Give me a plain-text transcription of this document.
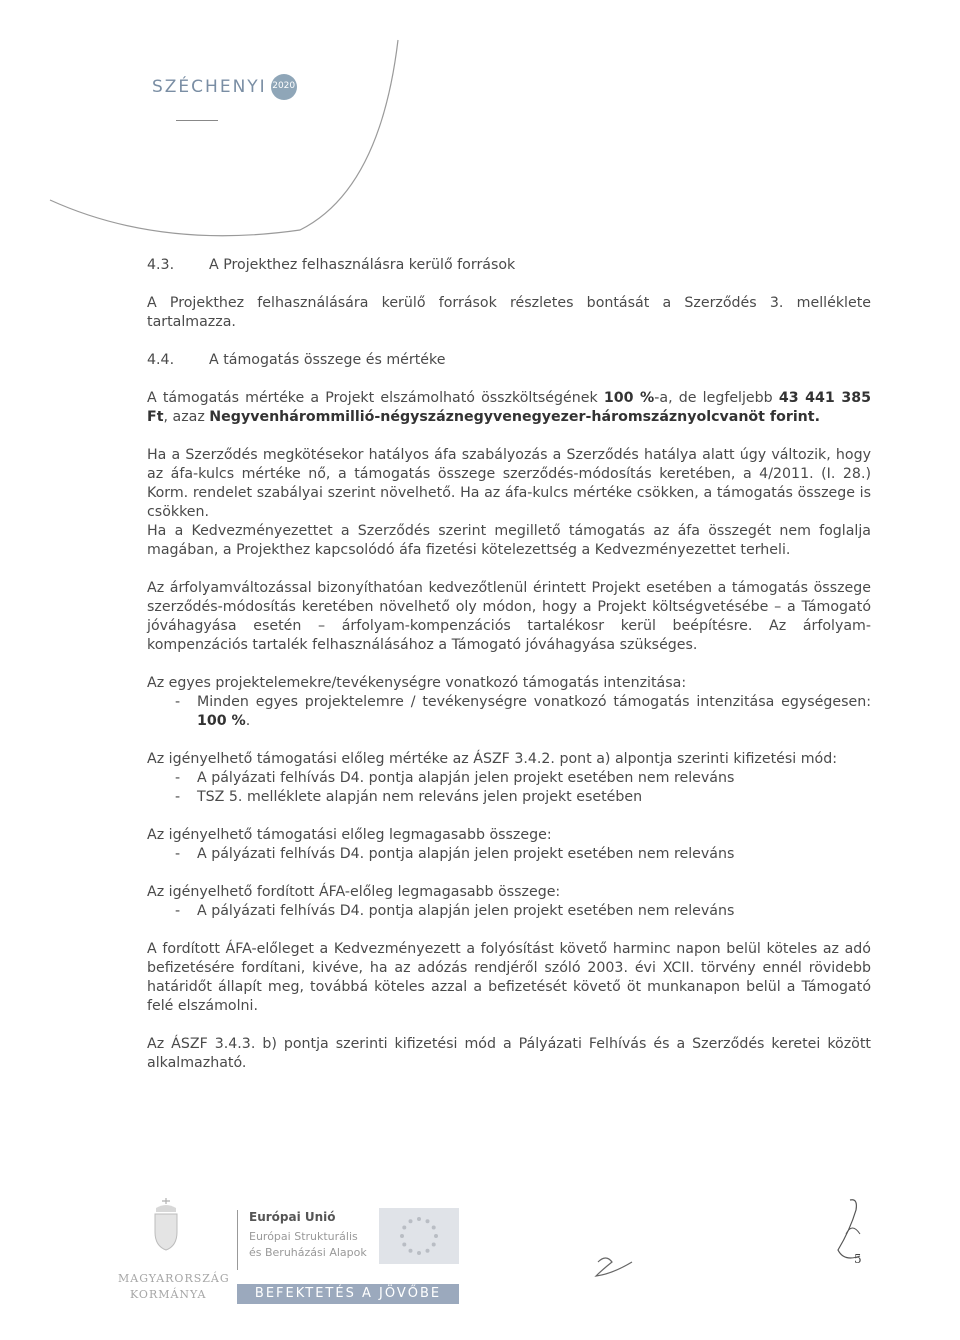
SZÉCHENYI 2020
4.3. A Projekthez felhasználásra kerülő források

A Projekthez felhasználására kerülő források részletes bontását a Szerződés 3. melléklete tartalmazza.

4.4. A támogatás összege és mértéke

A támogatás mértéke a Projekt elszámolható összköltségének 100 %-a, de legfeljebb 43 441 385 Ft, azaz Negyvenhárommillió-négyszáznegyvenegyezer-háromszáznyolcvanöt forint.

Ha a Szerződés megkötésekor hatályos áfa szabályozás a Szerződés hatálya alatt úgy változik, hogy az áfa-kulcs mértéke nő, a támogatás összege szerződés-módosítás keretében, a 4/2011. (I. 28.) Korm. rendelet szabályai szerint növelhető. Ha az áfa-kulcs mértéke csökken, a támogatás összege is csökken.

Ha a Kedvezményezettet a Szerződés szerint megillető támogatás az áfa összegét nem foglalja magában, a Projekthez kapcsolódó áfa fizetési kötelezettség a Kedvezményezettet terheli.

Az árfolyamváltozással bizonyíthatóan kedvezőtlenül érintett Projekt esetében a támogatás összege szerződés-módosítás keretében növelhető oly módon, hogy a Projekt költségvetésébe – a Támogató jóváhagyása esetén – árfolyam-kompenzációs tartalékosr kerül beépítésre. Az árfolyam-kompenzációs tartalék felhasználásához a Támogató jóváhagyása szükséges.

Az egyes projektelemekre/tevékenységre vonatkozó támogatás intenzitása:

- Minden egyes projektelemre / tevékenységre vonatkozó támogatás intenzitása egységesen: 100 %.

Az igényelhető támogatási előleg mértéke az ÁSZF 3.4.2. pont a) alpontja szerinti kifizetési mód:

- A pályázati felhívás D4. pontja alapján jelen projekt esetében nem releváns
- TSZ 5. melléklete alapján nem releváns jelen projekt esetében

Az igényelhető támogatási előleg legmagasabb összege:

- A pályázati felhívás D4. pontja alapján jelen projekt esetében nem releváns

Az igényelhető fordított ÁFA-előleg legmagasabb összege:

- A pályázati felhívás D4. pontja alapján jelen projekt esetében nem releváns

A fordított ÁFA-előleget a Kedvezményezett a folyósítást követő harminc napon belül köteles az adó befizetésére fordítani, kivéve, ha az adózás rendjéről szóló 2003. évi XCII. törvény ennél rövidebb határidőt állapít meg, továbbá köteles azzal a befizetését követő öt munkanapon belül a Támogató felé elszámolni.

Az ÁSZF 3.4.3. b) pontja szerinti kifizetési mód a Pályázati Felhívás és a Szerződés keretei között alkalmazható.

MAGYARORSZÁG
KORMÁNYA
Európai Unió
Európai Strukturális
és Beruházási Alapok
BEFEKTETÉS A JÖVŐBE
5
